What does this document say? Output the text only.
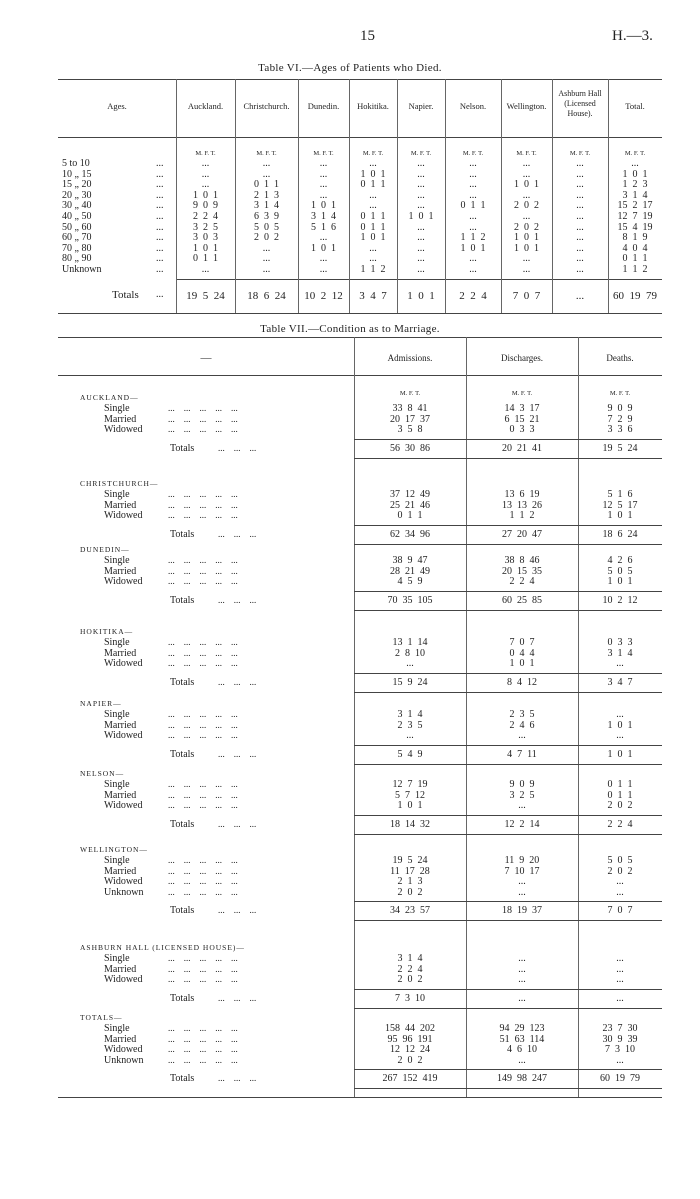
15	H.—3.
Table VI.—Ages of Patients who Died.
Ages.	Auckland.
M. F. T.
Christchurch.
M. F. T.
Dunedin.
M. F. T.
Hokitika.
M. F. T.
Napier.
M. F. T.
Nelson.
M. F. T.
Wellington.
M. F. T.
Ashburn Hall (Licensed House).
M. F. T.
Total.
M. F. T.
5 to 10	...	...	...	...	...	...	...	...	...	...
10 „ 15	...	...	...	...	1 0 1	...	...	...	...	1 0 1
15 „ 20	...	...	0 1 1	...	0 1 1	...	...	1 0 1	...	1 2 3
20 „ 30	...	1 0 1	2 1 3	...	...	...	...	...	...	3 1 4
30 „ 40	...	9 0 9	3 1 4	1 0 1	...	...	0 1 1	2 0 2	...	15 2 17
40 „ 50	...	2 2 4	6 3 9	3 1 4	0 1 1	1 0 1	...	...	...	12 7 19
50 „ 60	...	3 2 5	5 0 5	5 1 6	0 1 1	...	...	2 0 2	...	15 4 19
60 „ 70	...	3 0 3	2 0 2	...	1 0 1	...	1 1 2	1 0 1	...	8 1 9
70 „ 80	...	1 0 1	...	1 0 1	...	...	1 0 1	1 0 1	...	4 0 4
80 „ 90	...	0 1 1	...	...	...	...	...	...	...	0 1 1
Unknown	...	...	...	...	1 1 2	...	...	...	...	1 1 2
Totals ...	19 5 24	18 6 24	10 2 12	3 4 7	1 0 1	2 2 4	7 0 7	...	60 19 79
Table VII.—Condition as to Marriage.
—	Admissions.
M. F. T.
Discharges.
M. F. T.
Deaths.
M. F. T.
AUCKLAND—
Single	...    ...    ...    ...    ...	33 8 41	14 3 17	9 0 9
Married	...    ...    ...    ...    ...	20 17 37	6 15 21	7 2 9
Widowed	...    ...    ...    ...    ...	3 5 8	0 3 3	3 3 6
Totals	...    ...    ...	56 30 86	20 21 41	19 5 24
CHRISTCHURCH—
Single	...    ...    ...    ...    ...	37 12 49	13 6 19	5 1 6
Married	...    ...    ...    ...    ...	25 21 46	13 13 26	12 5 17
Widowed	...    ...    ...    ...    ...	0 1 1	1 1 2	1 0 1
Totals	...    ...    ...	62 34 96	27 20 47	18 6 24
DUNEDIN—
Single	...    ...    ...    ...    ...	38 9 47	38 8 46	4 2 6
Married	...    ...    ...    ...    ...	28 21 49	20 15 35	5 0 5
Widowed	...    ...    ...    ...    ...	4 5 9	2 2 4	1 0 1
Totals	...    ...    ...	70 35 105	60 25 85	10 2 12
HOKITIKA—
Single	...    ...    ...    ...    ...	13 1 14	7 0 7	0 3 3
Married	...    ...    ...    ...    ...	2 8 10	0 4 4	3 1 4
Widowed	...    ...    ...    ...    ...	...	1 0 1	...
Totals	...    ...    ...	15 9 24	8 4 12	3 4 7
NAPIER—
Single	...    ...    ...    ...    ...	3 1 4	2 3 5	...
Married	...    ...    ...    ...    ...	2 3 5	2 4 6	1 0 1
Widowed	...    ...    ...    ...    ...	...	...	...
Totals	...    ...    ...	5 4 9	4 7 11	1 0 1
NELSON—
Single	...    ...    ...    ...    ...	12 7 19	9 0 9	0 1 1
Married	...    ...    ...    ...    ...	5 7 12	3 2 5	0 1 1
Widowed	...    ...    ...    ...    ...	1 0 1	...	2 0 2
Totals	...    ...    ...	18 14 32	12 2 14	2 2 4
WELLINGTON—
Single	...    ...    ...    ...    ...	19 5 24	11 9 20	5 0 5
Married	...    ...    ...    ...    ...	11 17 28	7 10 17	2 0 2
Widowed	...    ...    ...    ...    ...	2 1 3	...	...
Unknown	...    ...    ...    ...    ...	2 0 2	...	...
Totals	...    ...    ...	34 23 57	18 19 37	7 0 7
ASHBURN HALL (LICENSED HOUSE)—
Single	...    ...    ...    ...    ...	3 1 4	...	...
Married	...    ...    ...    ...    ...	2 2 4	...	...
Widowed	...    ...    ...    ...    ...	2 0 2	...	...
Totals	...    ...    ...	7 3 10	...	...
TOTALS—
Single	...    ...    ...    ...    ...	158 44 202	94 29 123	23 7 30
Married	...    ...    ...    ...    ...	95 96 191	51 63 114	30 9 39
Widowed	...    ...    ...    ...    ...	12 12 24	4 6 10	7 3 10
Unknown	...    ...    ...    ...    ...	2 0 2	...	...
Totals	...    ...    ...	267 152 419	149 98 247	60 19 79
